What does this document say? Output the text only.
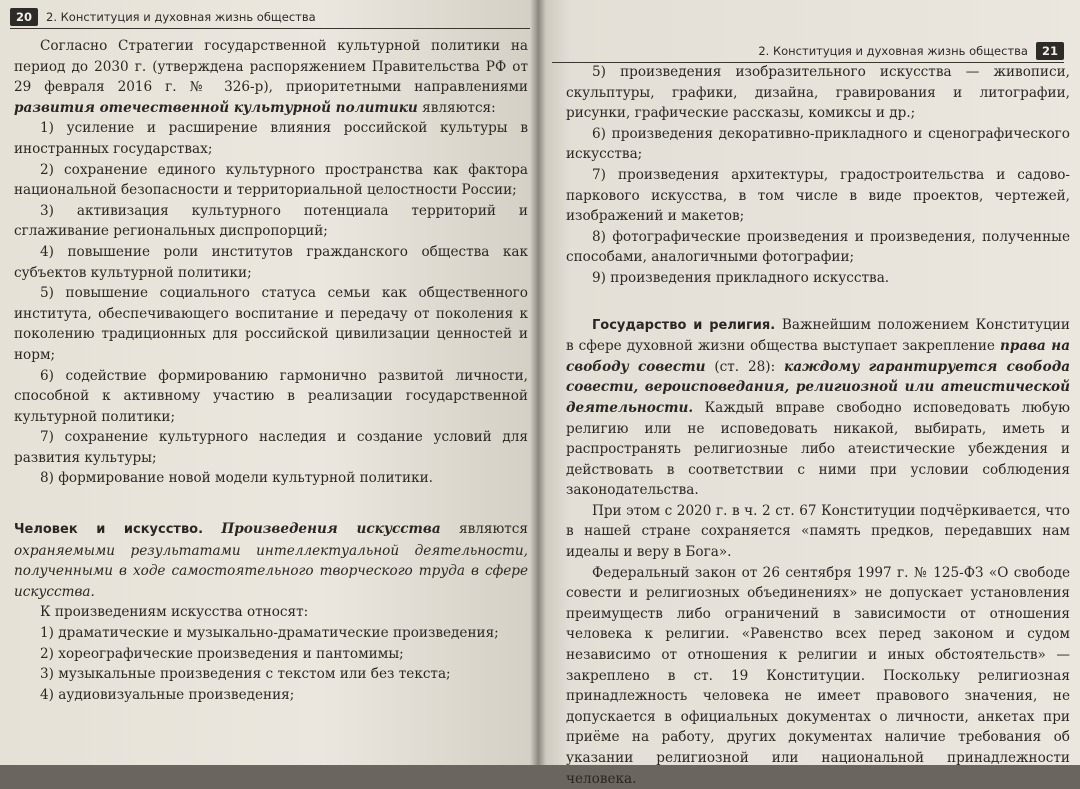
20	2. Конституция и духовная жизнь общества

Согласно Стратегии государственной культурной политики на период до 2030 г. (утверждена распоряжением Правительства РФ от 29 февраля 2016 г. № 326-р), приоритетными направлениями развития отечественной культурной политики являются:

1) усиление и расширение влияния российской культуры в иностранных государствах;

2) сохранение единого культурного пространства как фактора национальной безопасности и территориальной целостности России;

3) активизация культурного потенциала территорий и сглаживание региональных диспропорций;

4) повышение роли институтов гражданского общества как субъектов культурной политики;

5) повышение социального статуса семьи как общественного института, обеспечивающего воспитание и передачу от поколения к поколению традиционных для российской цивилизации ценностей и норм;

6) содействие формированию гармонично развитой личности, способной к активному участию в реализации государственной культурной политики;

7) сохранение культурного наследия и создание условий для развития культуры;

8) формирование новой модели культурной политики.

Человек и искусство. Произведения искусства являются охраняемыми результатами интеллектуальной деятельности, полученными в ходе самостоятельного творческого труда в сфере искусства.

К произведениям искусства относят:

1) драматические и музыкально-драматические произведения;

2) хореографические произведения и пантомимы;

3) музыкальные произведения с текстом или без текста;

4) аудиовизуальные произведения;

2. Конституция и духовная жизнь общества	21

5) произведения изобразительного искусства — живописи, скульптуры, графики, дизайна, гравирования и литографии, рисунки, графические рассказы, комиксы и др.;

6) произведения декоративно-прикладного и сценографического искусства;

7) произведения архитектуры, градостроительства и садово-паркового искусства, в том числе в виде проектов, чертежей, изображений и макетов;

8) фотографические произведения и произведения, полученные способами, аналогичными фотографии;

9) произведения прикладного искусства.

Государство и религия. Важнейшим положением Конституции в сфере духовной жизни общества выступает закрепление права на свободу совести (ст. 28): каждому гарантируется свобода совести, вероисповедания, религиозной или атеистической деятельности. Каждый вправе свободно исповедовать любую религию или не исповедовать никакой, выбирать, иметь и распространять религиозные либо атеистические убеждения и действовать в соответствии с ними при условии соблюдения законодательства.

При этом с 2020 г. в ч. 2 ст. 67 Конституции подчёркивается, что в нашей стране сохраняется «память предков, передавших нам идеалы и веру в Бога».

Федеральный закон от 26 сентября 1997 г. № 125-ФЗ «О свободе совести и религиозных объединениях» не допускает установления преимуществ либо ограничений в зависимости от отношения человека к религии. «Равенство всех перед законом и судом независимо от отношения к религии и иных обстоятельств» — закреплено в ст. 19 Конституции. Поскольку религиозная принадлежность человека не имеет правового значения, не допускается в официальных документах о личности, анкетах при приёме на работу, других документах наличие требования об указании религиозной или национальной принадлежности человека.
